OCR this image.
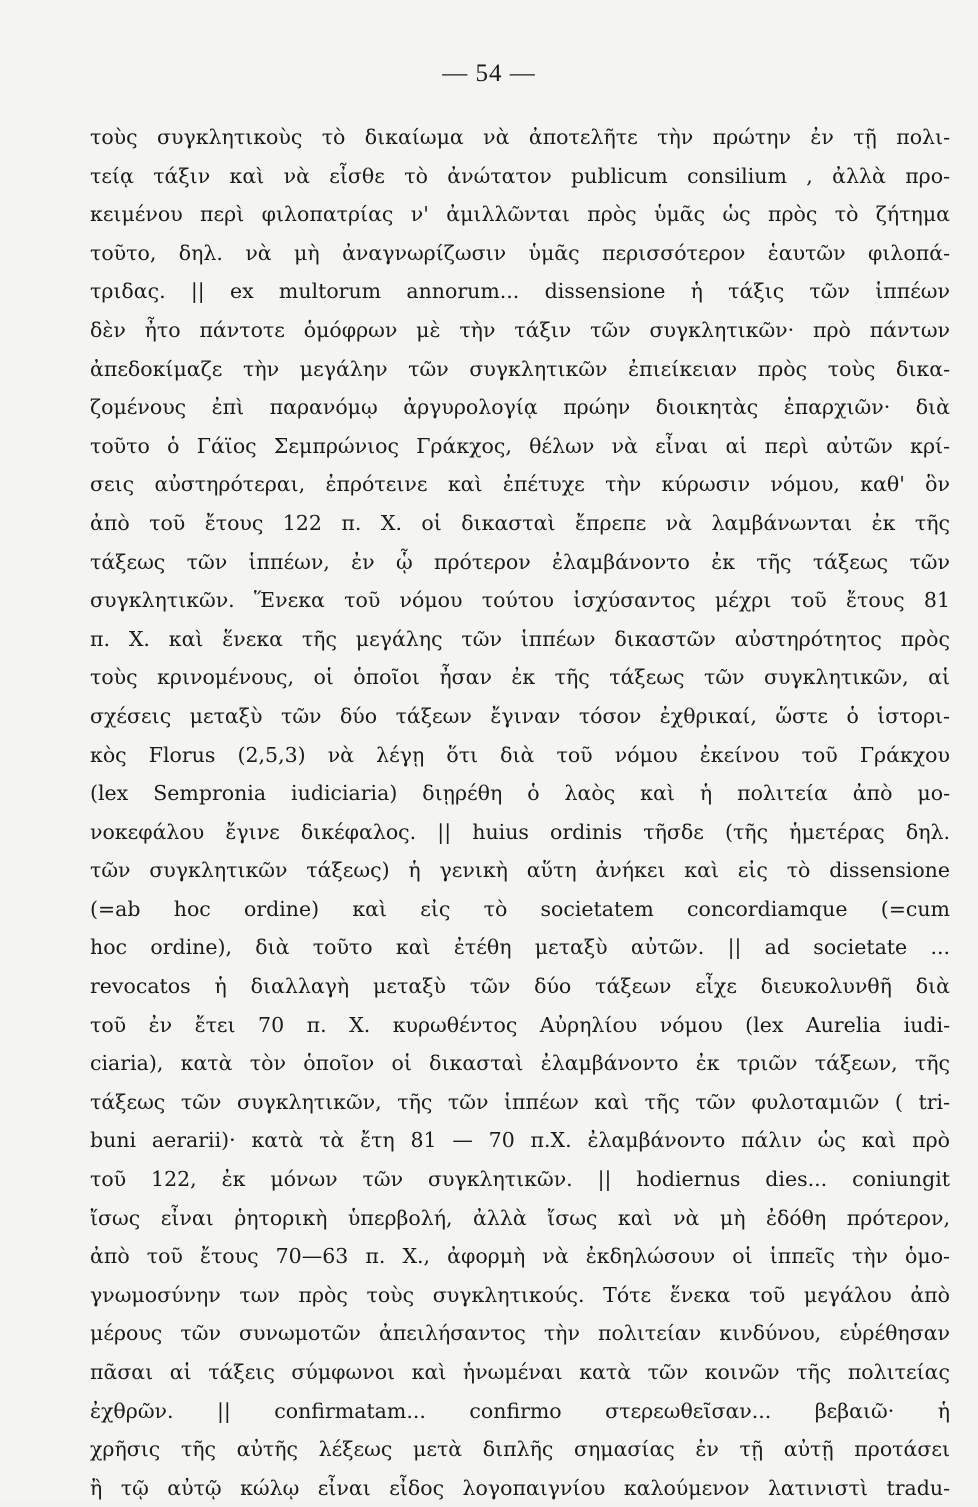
— 54 —
τοὺς συγκλητικοὺς τὸ δικαίωμα νὰ ἀποτελῆτε τὴν πρώτην ἐν τῇ πολι-
τείᾳ τάξιν καὶ νὰ εἶσθε τὸ ἀνώτατον publicum consilium , ἀλλὰ προ-
κειμένου περὶ φιλοπατρίας ν' ἀμιλλῶνται πρὸς ὑμᾶς ὡς πρὸς τὸ ζήτημα
τοῦτο, δηλ. νὰ μὴ ἀναγνωρίζωσιν ὑμᾶς περισσότερον ἑαυτῶν φιλοπά-
τριδας. || ex multorum annorum... dissensione ἡ τάξις τῶν ἱππέων
δὲν ἦτο πάντοτε ὁμόφρων μὲ τὴν τάξιν τῶν συγκλητικῶν· πρὸ πάντων
ἀπεδοκίμαζε τὴν μεγάλην τῶν συγκλητικῶν ἐπιείκειαν πρὸς τοὺς δικα-
ζομένους ἐπὶ παρανόμῳ ἀργυρολογίᾳ πρώην διοικητὰς ἐπαρχιῶν· διὰ
τοῦτο ὁ Γάϊος Σεμπρώνιος Γράκχος, θέλων νὰ εἶναι αἱ περὶ αὐτῶν κρί-
σεις αὐστηρότεραι, ἐπρότεινε καὶ ἐπέτυχε τὴν κύρωσιν νόμου, καθ' ὃν
ἀπὸ τοῦ ἔτους 122 π. Χ. οἱ δικασταὶ ἔπρεπε νὰ λαμβάνωνται ἐκ τῆς
τάξεως τῶν ἱππέων, ἐν ᾧ πρότερον ἐλαμβάνοντο ἐκ τῆς τάξεως τῶν
συγκλητικῶν. Ἕνεκα τοῦ νόμου τούτου ἰσχύσαντος μέχρι τοῦ ἔτους 81
π. Χ. καὶ ἕνεκα τῆς μεγάλης τῶν ἱππέων δικαστῶν αὐστηρότητος πρὸς
τοὺς κρινομένους, οἱ ὁποῖοι ἦσαν ἐκ τῆς τάξεως τῶν συγκλητικῶν, αἱ
σχέσεις μεταξὺ τῶν δύο τάξεων ἔγιναν τόσον ἐχθρικαί, ὥστε ὁ ἱστορι-
κὸς Florus (2,5,3) νὰ λέγῃ ὅτι διὰ τοῦ νόμου ἐκείνου τοῦ Γράκχου
(lex Sempronia iudiciaria) διῃρέθη ὁ λαὸς καὶ ἡ πολιτεία ἀπὸ μο-
νοκεφάλου ἔγινε δικέφαλος. || huius ordinis τῆσδε (τῆς ἡμετέρας δηλ.
τῶν συγκλητικῶν τάξεως) ἡ γενικὴ αὕτη ἀνήκει καὶ εἰς τὸ dissensione
(=ab hoc ordine) καὶ εἰς τὸ societatem concordiamque (=cum
hoc ordine), διὰ τοῦτο καὶ ἐτέθη μεταξὺ αὐτῶν. || ad societate ...
revocatos ἡ διαλλαγὴ μεταξὺ τῶν δύο τάξεων εἶχε διευκολυνθῆ διὰ
τοῦ ἐν ἔτει 70 π. Χ. κυρωθέντος Αὐρηλίου νόμου (lex Aurelia iudi-
ciaria), κατὰ τὸν ὁποῖον οἱ δικασταὶ ἐλαμβάνοντο ἐκ τριῶν τάξεων, τῆς
τάξεως τῶν συγκλητικῶν, τῆς τῶν ἱππέων καὶ τῆς τῶν φυλοταμιῶν ( tri-
buni aerarii)· κατὰ τὰ ἔτη 81 — 70 π.Χ. ἐλαμβάνοντο πάλιν ὡς καὶ πρὸ
τοῦ 122, ἐκ μόνων τῶν συγκλητικῶν. || hodiernus dies... coniungit
ἴσως εἶναι ῥητορικὴ ὑπερβολή, ἀλλὰ ἴσως καὶ νὰ μὴ ἐδόθη πρότερον,
ἀπὸ τοῦ ἔτους 70—63 π. Χ., ἀφορμὴ νὰ ἐκδηλώσουν οἱ ἱππεῖς τὴν ὁμο-
γνωμοσύνην των πρὸς τοὺς συγκλητικούς. Τότε ἕνεκα τοῦ μεγάλου ἀπὸ
μέρους τῶν συνωμοτῶν ἀπειλήσαντος τὴν πολιτείαν κινδύνου, εὑρέθησαν
πᾶσαι αἱ τάξεις σύμφωνοι καὶ ἡνωμέναι κατὰ τῶν κοινῶν τῆς πολιτείας
ἐχθρῶν. || confirmatam... confirmo στερεωθεῖσαν... βεβαιῶ· ἡ
χρῆσις τῆς αὐτῆς λέξεως μετὰ διπλῆς σημασίας ἐν τῇ αὐτῇ προτάσει
ἢ τῷ αὐτῷ κώλῳ εἶναι εἶδος λογοπαιγνίου καλούμενον λατινιστὶ tradu-
